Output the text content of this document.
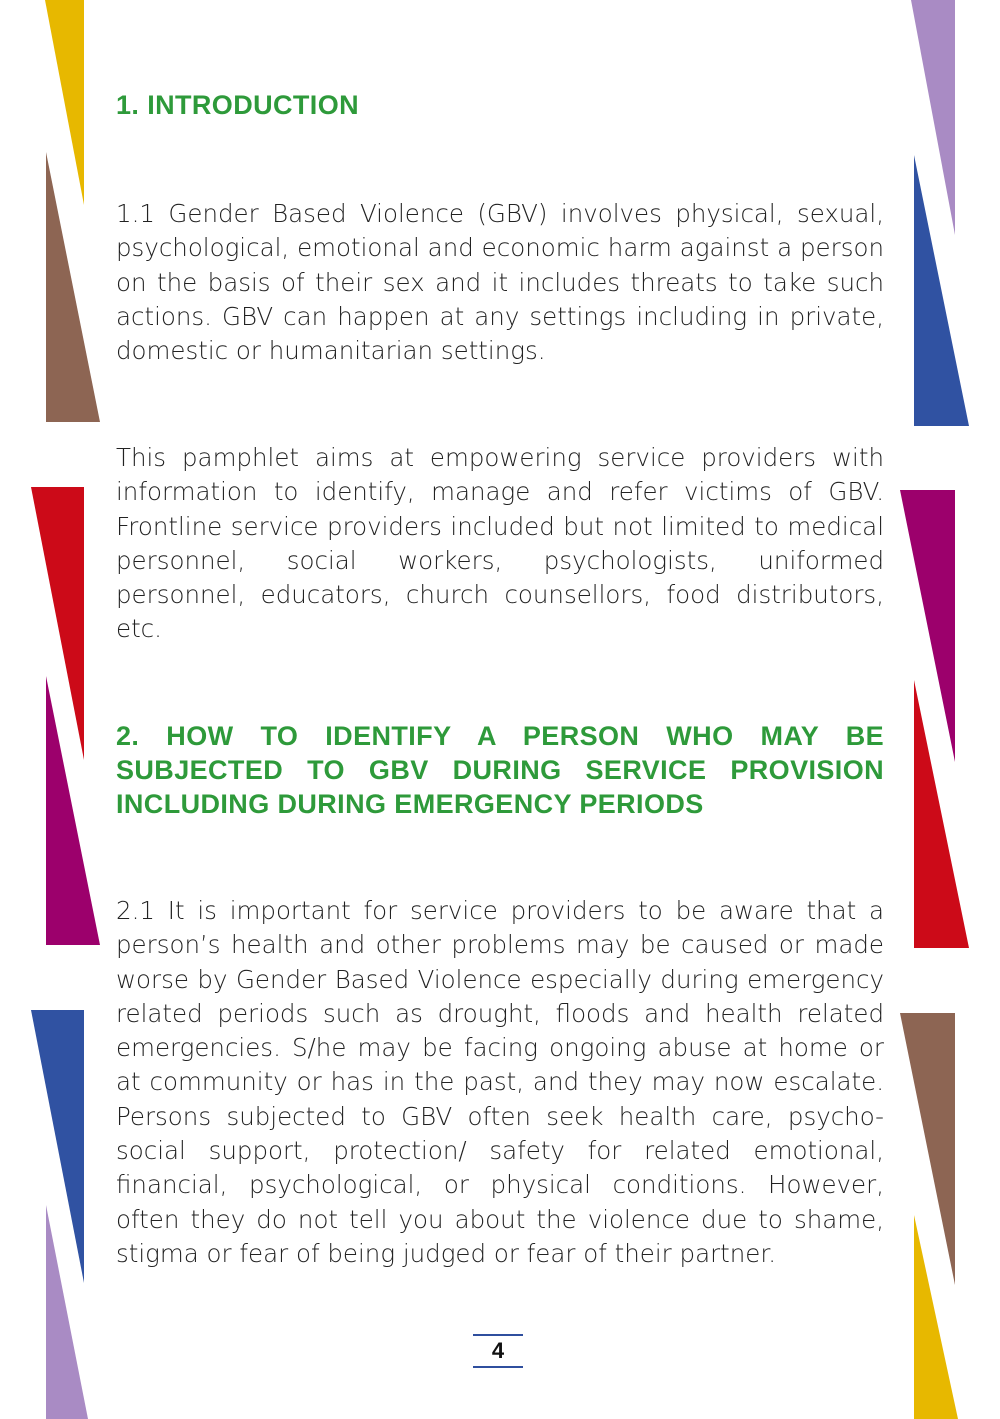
1. INTRODUCTION

1.1 Gender Based Violence (GBV) involves physical, sexual, psychological, emotional and economic harm against a person on the basis of their sex and it includes threats to take such actions. GBV can happen at any settings including in private, domestic or humanitarian settings.

This pamphlet aims at empowering service providers with information to identify, manage and refer victims of GBV. Frontline service providers included but not limited to medical personnel, social workers, psychologists, uniformed personnel, educators, church counsellors, food distributors, etc.

2. HOW TO IDENTIFY A PERSON WHO MAY BE SUBJECTED TO GBV DURING SERVICE PROVISION
INCLUDING DURING EMERGENCY PERIODS

2.1 It is important for service providers to be aware that a person’s health and other problems may be caused or made worse by Gender Based Violence especially during emergency related periods such as drought, floods and health related emergencies. S/he may be facing ongoing abuse at home or at community or has in the past, and they may now escalate. Persons subjected to GBV often seek health care, psycho-social support, protection/ safety for related emotional, financial, psychological, or physical conditions. However, often they do not tell you about the violence due to shame, stigma or fear of being judged or fear of their partner.

4
